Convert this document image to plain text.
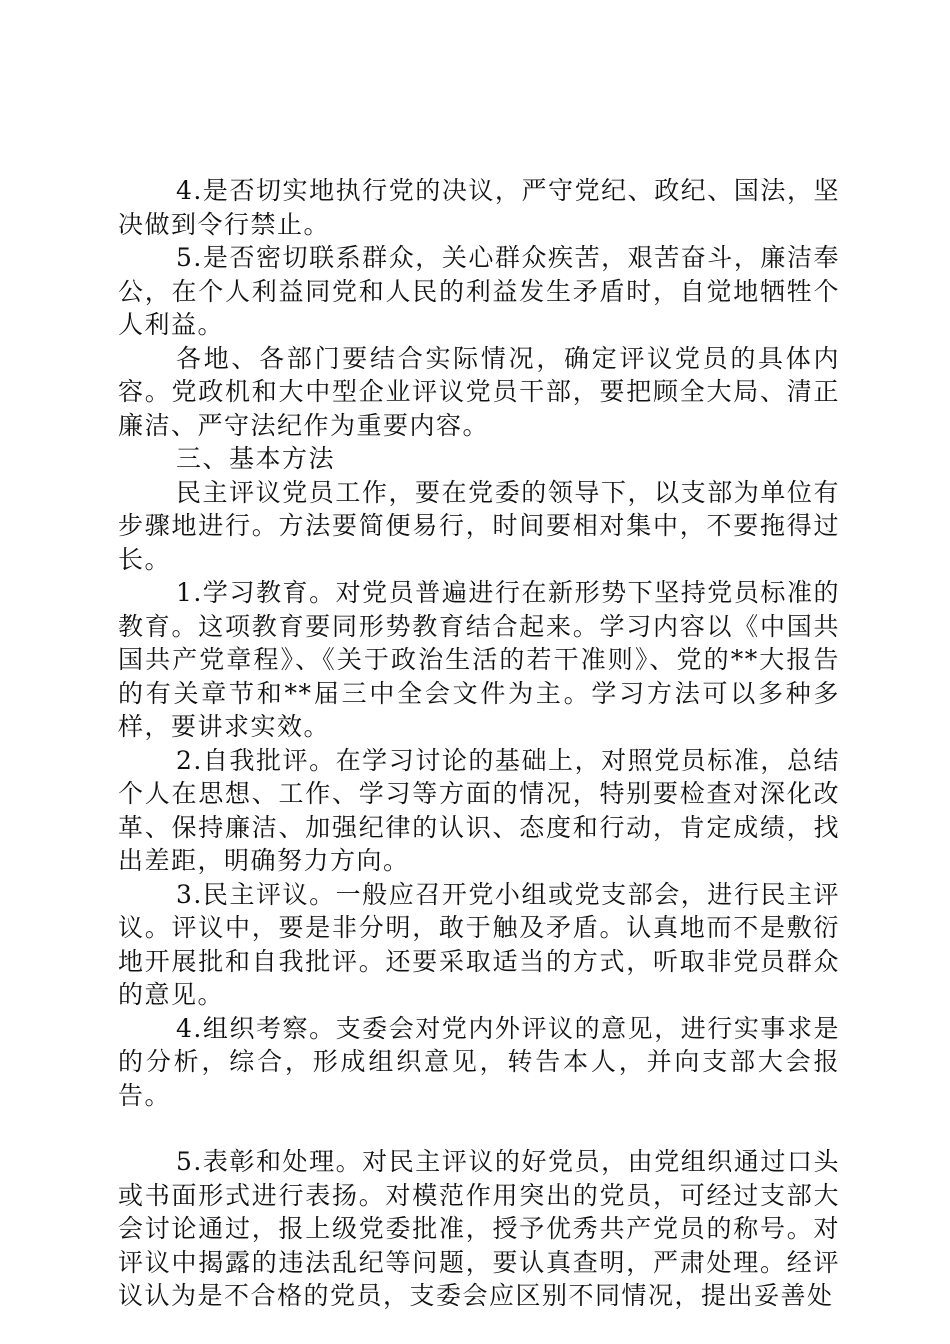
4.是否切实地执行党的决议，严守党纪、政纪、国法，坚决做到令行禁止。

5.是否密切联系群众，关心群众疾苦，艰苦奋斗，廉洁奉公，在个人利益同党和人民的利益发生矛盾时，自觉地牺牲个人利益。

各地、各部门要结合实际情况，确定评议党员的具体内容。党政机和大中型企业评议党员干部，要把顾全大局、清正廉洁、严守法纪作为重要内容。

三、基本方法

民主评议党员工作，要在党委的领导下，以支部为单位有步骤地进行。方法要简便易行，时间要相对集中，不要拖得过长。

1.学习教育。对党员普遍进行在新形势下坚持党员标准的教育。这项教育要同形势教育结合起来。学习内容以《中国共国共产党章程》、《关于政治生活的若干准则》、党的**大报告的有关章节和**届三中全会文件为主。学习方法可以多种多样，要讲求实效。

2.自我批评。在学习讨论的基础上，对照党员标准，总结个人在思想、工作、学习等方面的情况，特别要检查对深化改革、保持廉洁、加强纪律的认识、态度和行动，肯定成绩，找出差距，明确努力方向。

3.民主评议。一般应召开党小组或党支部会，进行民主评议。评议中，要是非分明，敢于触及矛盾。认真地而不是敷衍地开展批和自我批评。还要采取适当的方式，听取非党员群众的意见。

4.组织考察。支委会对党内外评议的意见，进行实事求是的分析，综合，形成组织意见，转告本人，并向支部大会报告。

5.表彰和处理。对民主评议的好党员，由党组织通过口头或书面形式进行表扬。对模范作用突出的党员，可经过支部大会讨论通过，报上级党委批准，授予优秀共产党员的称号。对评议中揭露的违法乱纪等问题，要认真查明，严肃处理。经评议认为是不合格的党员，支委会应区别不同情况，提出妥善处
